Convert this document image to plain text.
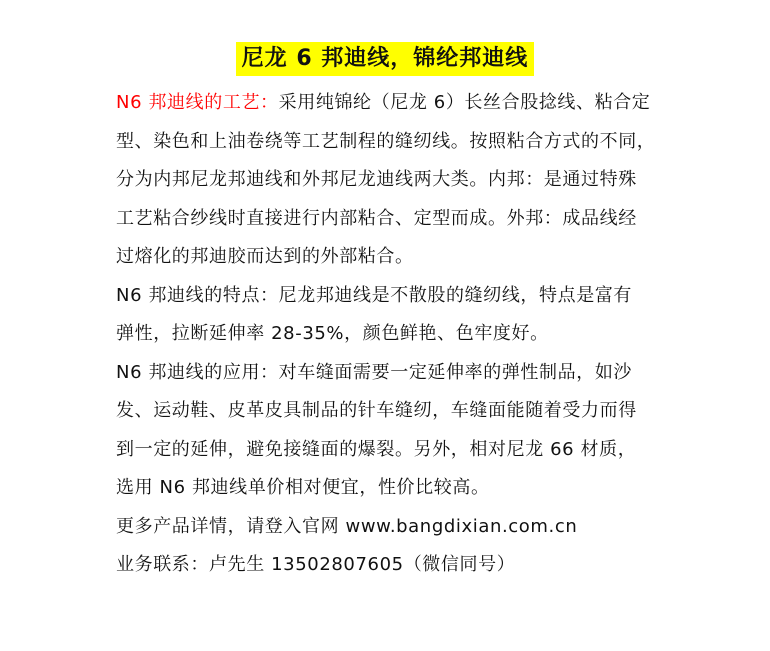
尼龙 6 邦迪线，锦纶邦迪线

N6 邦迪线的工艺：采用纯锦纶（尼龙 6）长丝合股捻线、粘合定

型、染色和上油卷绕等工艺制程的缝纫线。按照粘合方式的不同，

分为内邦尼龙邦迪线和外邦尼龙迪线两大类。内邦：是通过特殊

工艺粘合纱线时直接进行内部粘合、定型而成。外邦：成品线经

过熔化的邦迪胶而达到的外部粘合。

N6 邦迪线的特点：尼龙邦迪线是不散股的缝纫线，特点是富有

弹性，拉断延伸率 28-35%，颜色鲜艳、色牢度好。

N6 邦迪线的应用：对车缝面需要一定延伸率的弹性制品，如沙

发、运动鞋、皮革皮具制品的针车缝纫，车缝面能随着受力而得

到一定的延伸，避免接缝面的爆裂。另外，相对尼龙 66 材质，

选用 N6 邦迪线单价相对便宜，性价比较高。

更多产品详情，请登入官网 www.bangdixian.com.cn

业务联系：卢先生 13502807605（微信同号）
